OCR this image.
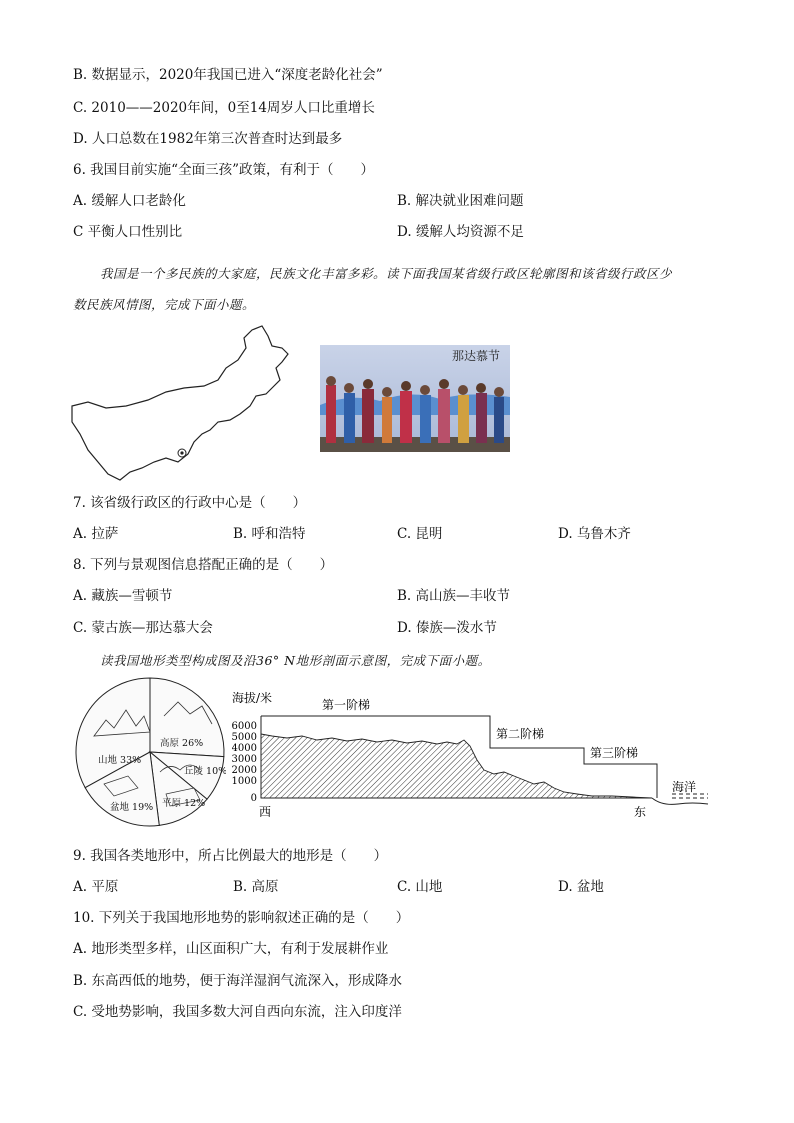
B. 数据显示，2020年我国已进入“深度老龄化社会”
C. 2010——2020年间，0至14周岁人口比重增长
D. 人口总数在1982年第三次普查时达到最多
6. 我国目前实施“全面三孩”政策，有利于（　　）
A. 缓解人口老龄化	B. 解决就业困难问题
C 平衡人口性别比	D. 缓解人均资源不足
我国是一个多民族的大家庭，民族文化丰富多彩。读下面我国某省级行政区轮廓图和该省级行政区少
数民族风情图，完成下面小题。
那达慕节
7. 该省级行政区的行政中心是（　　）
A. 拉萨	B. 呼和浩特	C. 昆明	D. 乌鲁木齐
8. 下列与景观图信息搭配正确的是（　　）
A. 藏族—雪顿节	B. 高山族—丰收节
C. 蒙古族—那达慕大会	D. 傣族—泼水节
读我国地形类型构成图及沿36° N地形剖面示意图，完成下面小题。
山地 33%
高原 26%
丘陵 10%
平原 12%
盆地 19%
海拔/米
6000
5000
4000
3000
2000
1000
0
第一阶梯
第二阶梯
第三阶梯
海洋
西	东
9. 我国各类地形中，所占比例最大的地形是（　　）
A. 平原	B. 高原	C. 山地	D. 盆地
10. 下列关于我国地形地势的影响叙述正确的是（　　）
A. 地形类型多样，山区面积广大，有利于发展耕作业
B. 东高西低的地势，便于海洋湿润气流深入，形成降水
C. 受地势影响，我国多数大河自西向东流，注入印度洋
